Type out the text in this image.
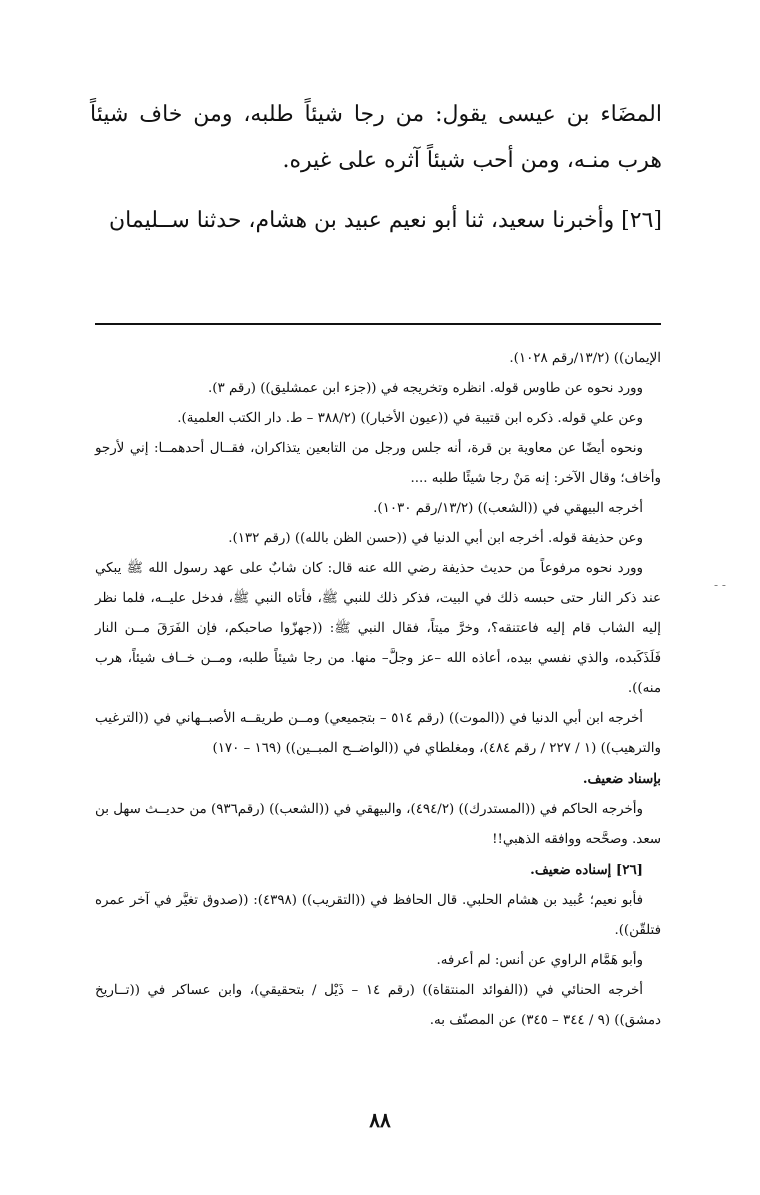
المضَاء بن عيسى يقول: من رجا شيئاً طلبه، ومن خاف شيئاً هرب منـه، ومن أحب شيئاً آثره على غيره.

[٢٦] وأخبرنا سعيد، ثنا أبو نعيم عبيد بن هشام، حدثنا ســليمان

الإيمان)) (١٣/٢/رقم ١٠٢٨).

وورد نحوه عن طاوس قوله. انظره وتخريجه في ((جزء ابن عمشليق)) (رقم ٣).

وعن علي قوله. ذكره ابن قتيبة في ((عيون الأخبار)) (٣٨٨/٢ – ط. دار الكتب العلمية).

ونحوه أيضًا عن معاوية بن قرة، أنه جلس ورجل من التابعين يتذاكران، فقــال أحدهمــا: إني لأرجو وأخاف؛ وقال الآخر: إنه مَنْ رجا شيئًا طلبه ....

أخرجه البيهقي في ((الشعب)) (١٣/٢/رقم ١٠٣٠).

وعن حذيفة قوله. أخرجه ابن أبي الدنيا في ((حسن الظن بالله)) (رقم ١٣٢).

وورد نحوه مرفوعاً من حديث حذيفة رضي الله عنه قال: كان شابٌ على عهد رسول الله ﷺ يبكي عند ذكر النار حتى حبسه ذلك في البيت، فذكر ذلك للنبي ﷺ، فأتاه النبي ﷺ، فدخل عليــه، فلما نظر إليه الشاب قام إليه فاعتنقه؟، وخرَّ ميتاً، فقال النبي ﷺ: ((جهزّوا صاحبكم، فإن الفَرَقَ مــن النار فَلَذَكَبده، والذي نفسي بيده، أعاذه الله –عز وجلَّ– منها. من رجا شيئاً طلبه، ومــن خــاف شيئاً، هرب منه)).

أخرجه ابن أبي الدنيا في ((الموت)) (رقم ٥١٤ – بتجميعي) ومــن طريقــه الأصبــهاني في ((الترغيب والترهيب)) (١ / ٢٢٧ / رقم ٤٨٤)، ومغلطاي في ((الواضــح المبــين)) (١٦٩ – ١٧٠)

بإسناد ضعيف.

وأخرجه الحاكم في ((المستدرك)) (٤٩٤/٢)، والبيهقي في ((الشعب)) (رقم٩٣٦) من حديــث سهل بن سعد. وصحَّحه ووافقه الذهبي!!

[٢٦] إسناده ضعيف.

فأبو نعيم؛ عُبيد بن هشام الحلبي. قال الحافظ في ((التقريب)) (٤٣٩٨): ((صدوق تغيَّر في آخر عمره فتلقّن)).

وأبو هَمَّام الراوي عن أنس: لم أعرفه.

أخرجه الحنائي في ((الفوائد المنتقاة)) (رقم ١٤ – ذَيْل / بتحقيقي)، وابن عساكر في ((تــاريخ دمشق)) (٩ / ٣٤٤ – ٣٤٥) عن المصنّف به.

٨٨
- -
